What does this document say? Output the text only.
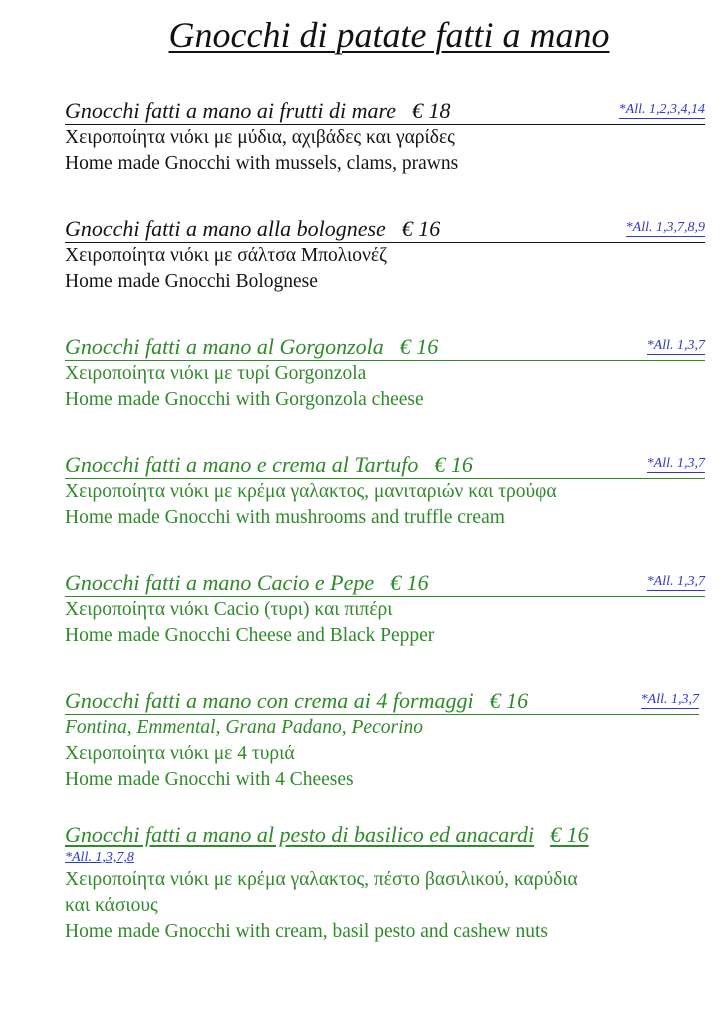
Gnocchi di patate fatti a mano
Gnocchi fatti a mano ai frutti di mare € 18	*All. 1,2,3,4,14
Χειροποίητα νιόκι με μύδια, αχιβάδες και γαρίδες
Home made Gnocchi with mussels, clams, prawns
Gnocchi fatti a mano alla bolognese € 16	*All. 1,3,7,8,9
Χειροποίητα νιόκι με σάλτσα Μπολιονέζ
Home made Gnocchi Bolognese
Gnocchi fatti a mano al Gorgonzola € 16	*All. 1,3,7
Χειροποίητα νιόκι με τυρί Gorgonzola
Home made Gnocchi with Gorgonzola cheese
Gnocchi fatti a mano e crema al Tartufo € 16	*All. 1,3,7
Χειροποίητα νιόκι με κρέμα γαλακτος, μανιταριών και τρούφα
Home made Gnocchi with mushrooms and truffle cream
Gnocchi fatti a mano Cacio e Pepe € 16	*All. 1,3,7
Χειροποίητα νιόκι Cacio (τυρι) και πιπέρι
Home made Gnocchi Cheese and Black Pepper
Gnocchi fatti a mano con crema ai 4 formaggi € 16	*All. 1,3,7
Fontina, Emmental, Grana Padano, Pecorino
Χειροποίητα νιόκι με 4 τυριά
Home made Gnocchi with 4 Cheeses
Gnocchi fatti a mano al pesto di basilico ed anacardi € 16
*All. 1,3,7,8
Χειροποίητα νιόκι με κρέμα γαλακτος, πέστο βασιλικού, καρύδια
και κάσιους
Home made Gnocchi with cream, basil pesto and cashew nuts
